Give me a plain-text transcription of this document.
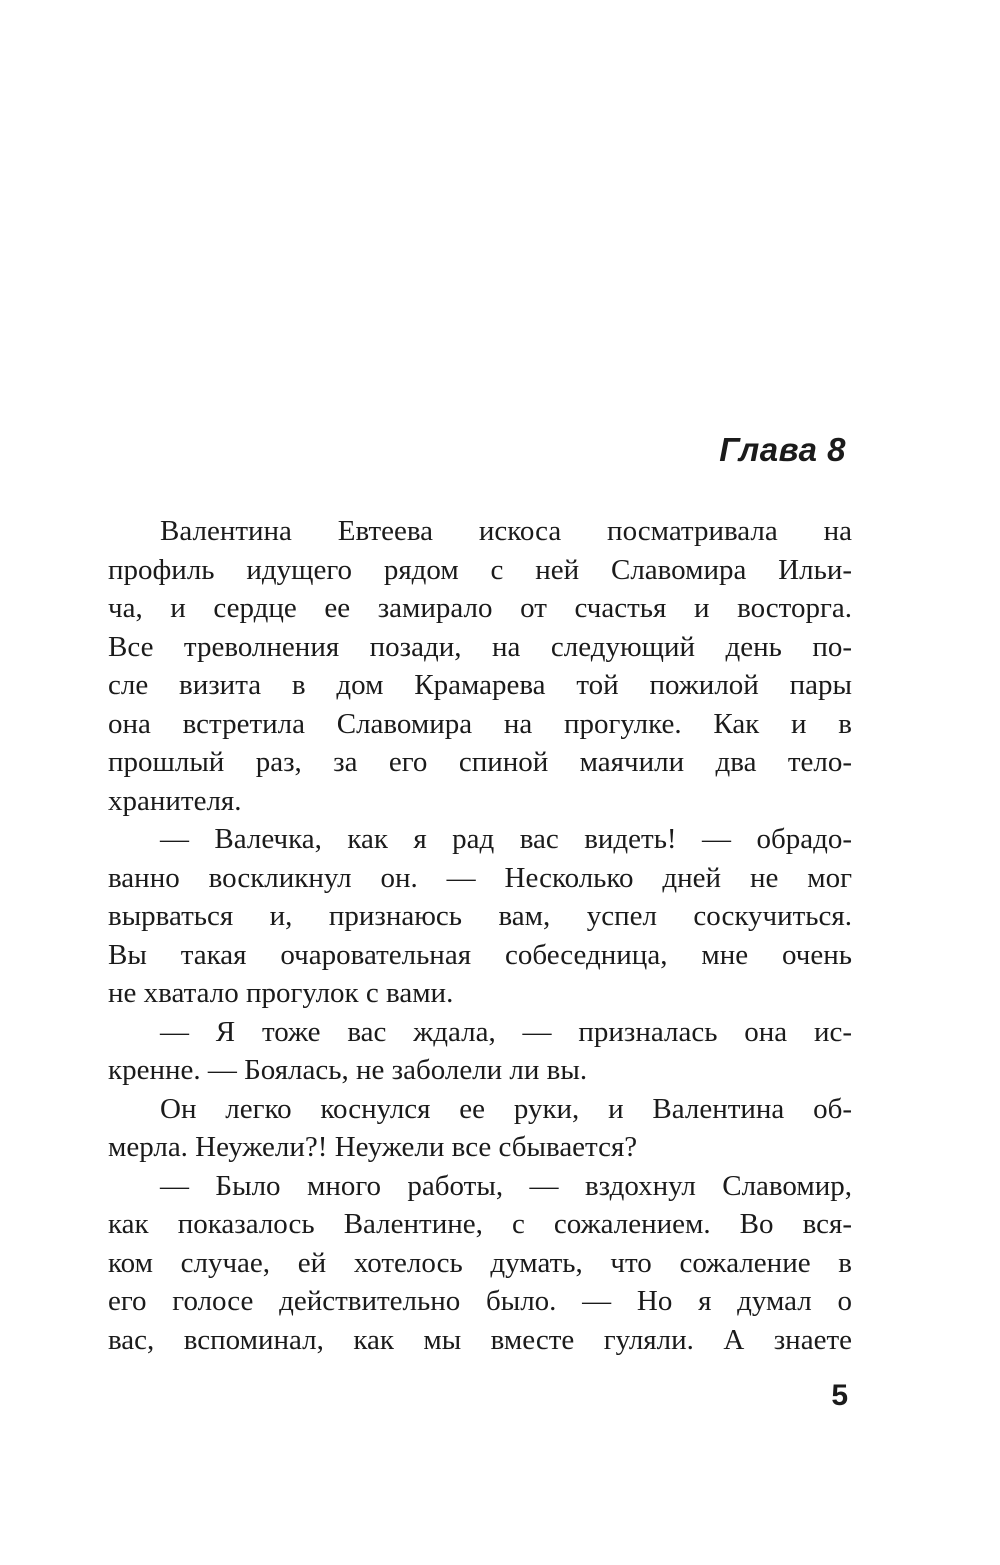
Глава 8
Валентина Евтеева искоса посматривала на
профиль идущего рядом с ней Славомира Ильи-
ча, и сердце ее замирало от счастья и восторга.
Все треволнения позади, на следующий день по-
сле визита в дом Крамарева той пожилой пары
она встретила Славомира на прогулке. Как и в
прошлый раз, за его спиной маячили два тело-
хранителя.
— Валечка, как я рад вас видеть! — обрадо-
ванно воскликнул он. — Несколько дней не мог
вырваться и, признаюсь вам, успел соскучиться.
Вы такая очаровательная собеседница, мне очень
не хватало прогулок с вами.
— Я тоже вас ждала, — призналась она ис-
кренне. — Боялась, не заболели ли вы.
Он легко коснулся ее руки, и Валентина об-
мерла. Неужели?! Неужели все сбывается?
— Было много работы, — вздохнул Славомир,
как показалось Валентине, с сожалением. Во вся-
ком случае, ей хотелось думать, что сожаление в
его голосе действительно было. — Но я думал о
вас, вспоминал, как мы вместе гуляли. А знаете
5
